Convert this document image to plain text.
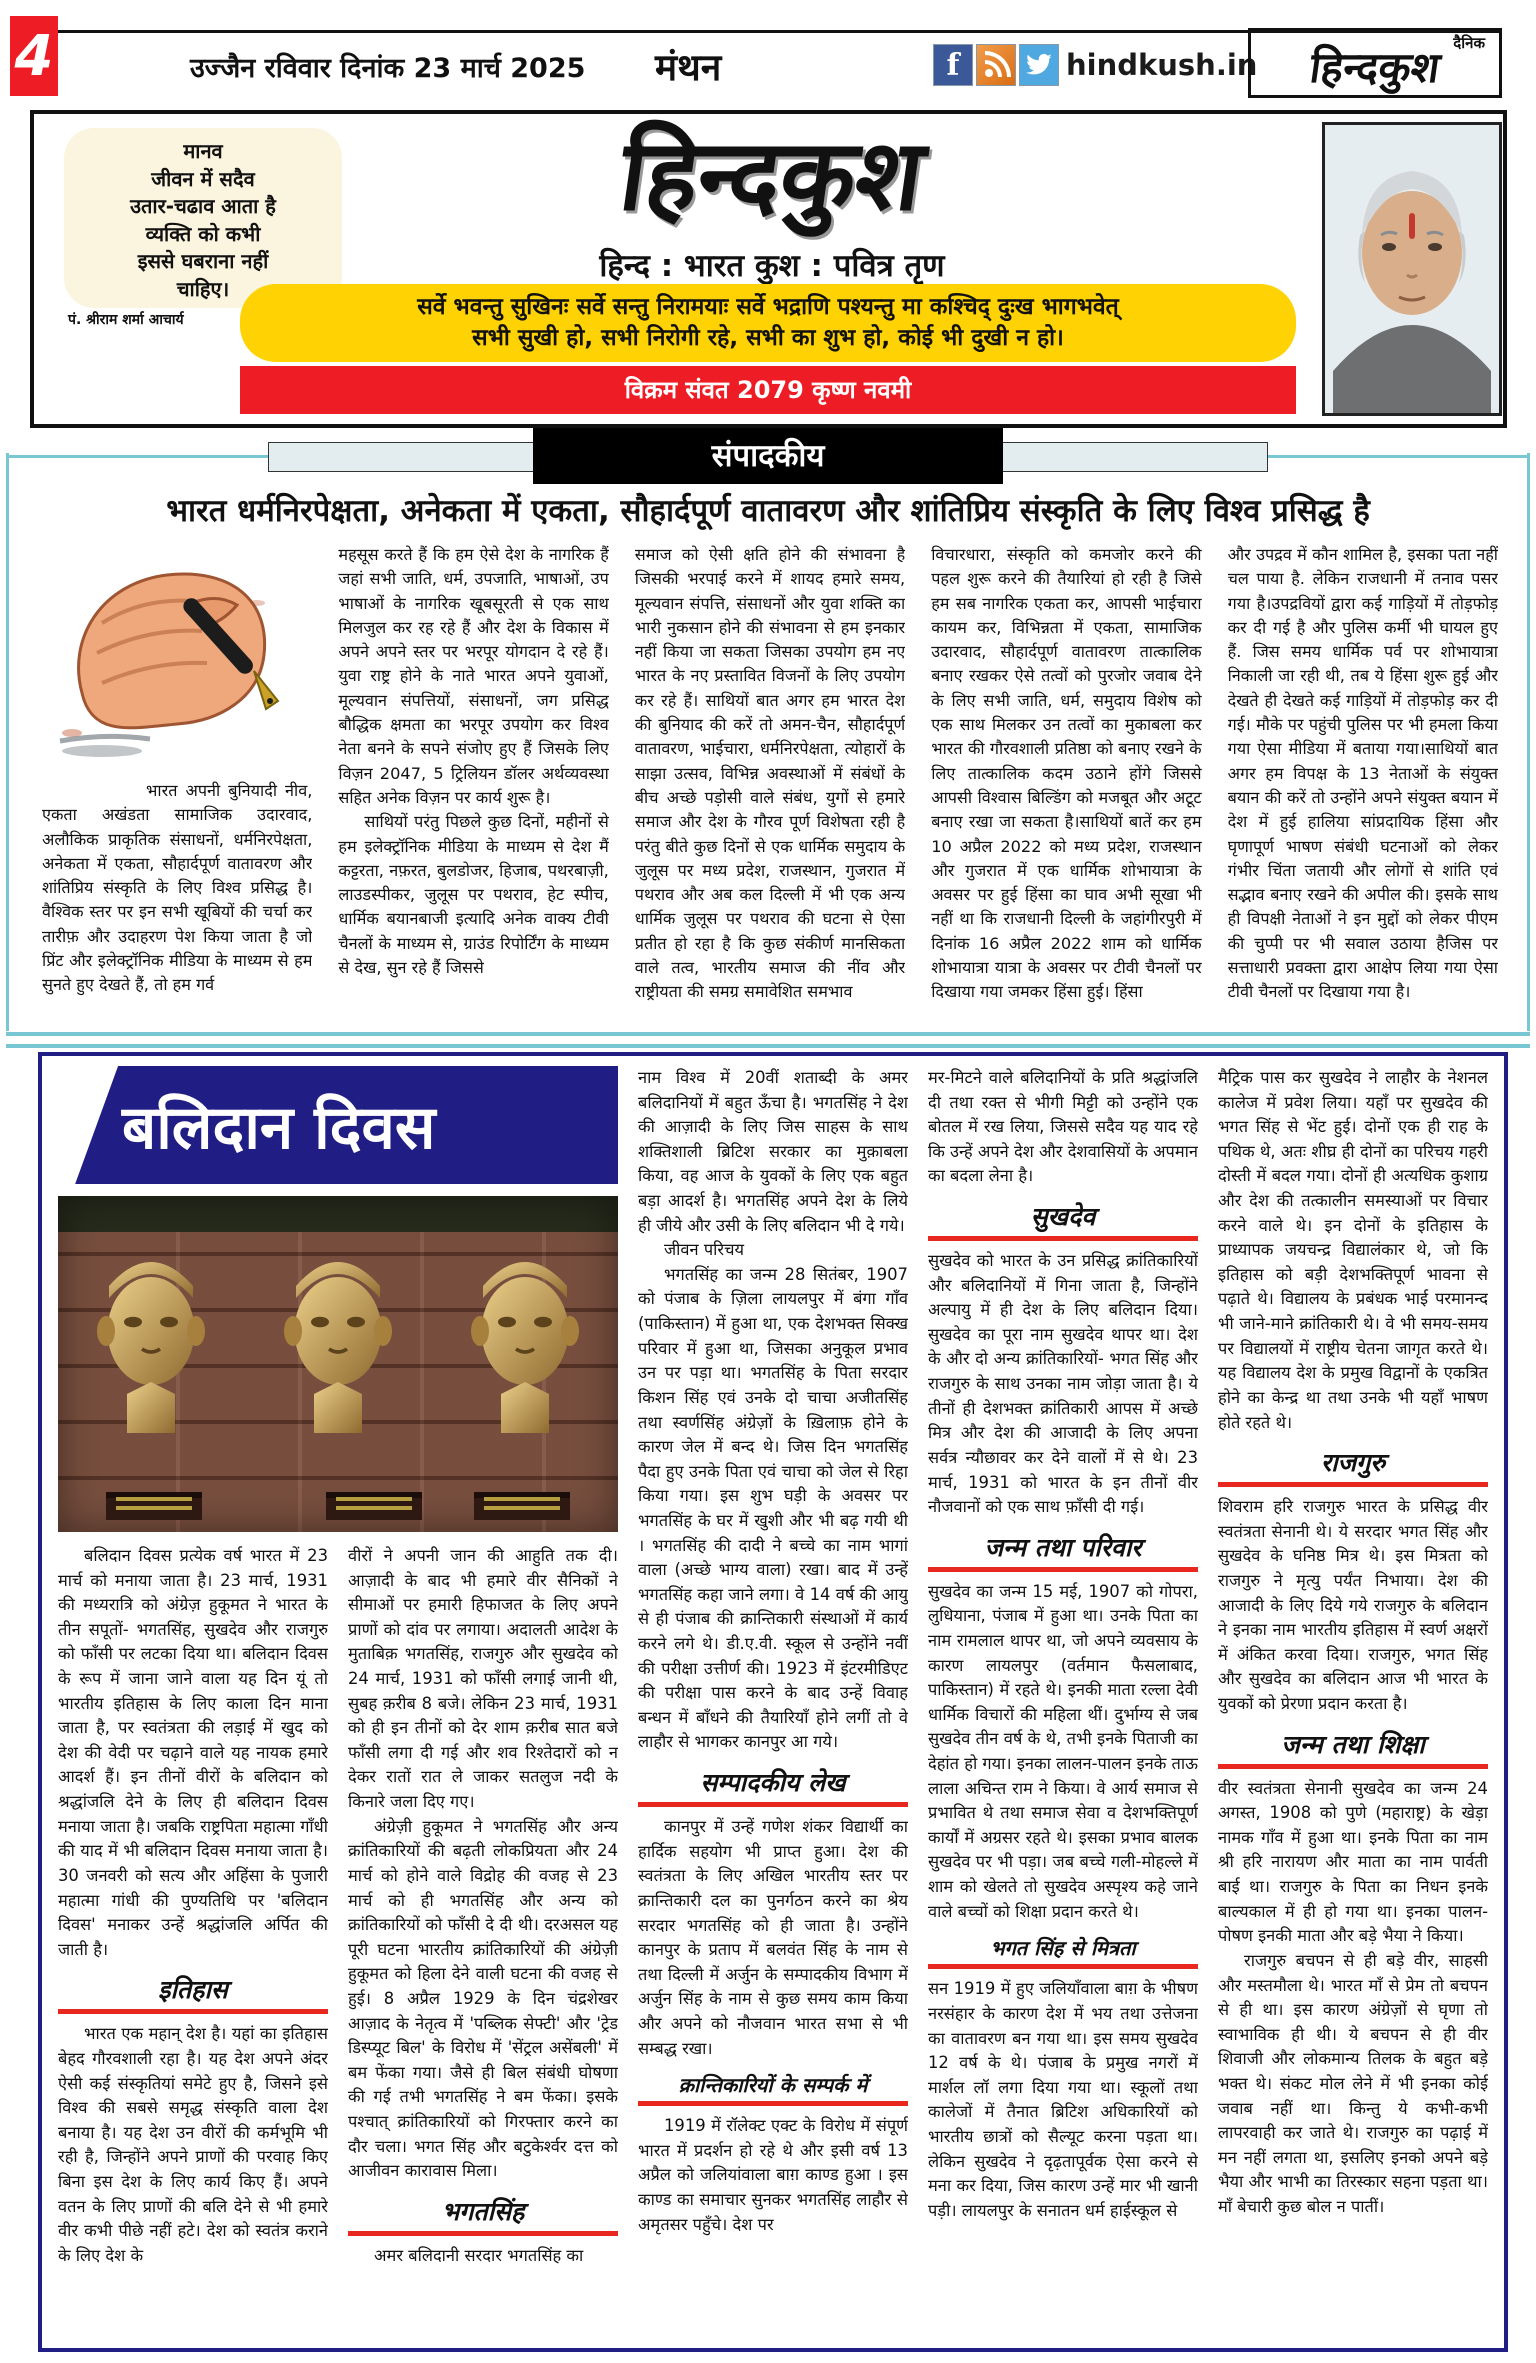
4	उज्जैन रविवार दिनांक 23 मार्च 2025 मंथन	f	hindkush.in
दैनिक
हिन्दकुश
मानव
जीवन में सदैव
उतार-चढाव आता है
व्यक्ति को कभी
इससे घबराना नहीं
चाहिए।
पं. श्रीराम शर्मा आचार्य
हिन्दकुश
हिन्द : भारत कुश : पवित्र तृण
सर्वे भवन्तु सुखिनः सर्वे सन्तु निरामयाः सर्वे भद्राणि पश्यन्तु मा कश्चिद् दुःख भागभवेत्
सभी सुखी हो, सभी निरोगी रहे, सभी का शुभ हो, कोई भी दुखी न हो।
विक्रम संवत 2079 कृष्ण नवमी
संपादकीय
भारत धर्मनिरपेक्षता, अनेकता में एकता, सौहार्दपूर्ण वातावरण और शांतिप्रिय संस्कृति के लिए विश्व प्रसिद्ध है

भारत अपनी बुनियादी नीव, एकता अखंडता सामाजिक उदारवाद, अलौकिक प्राकृतिक संसाधनों, धर्मनिरपेक्षता, अनेकता में एकता, सौहार्दपूर्ण वातावरण और शांतिप्रिय संस्कृति के लिए विश्व प्रसिद्ध है। वैश्विक स्तर पर इन सभी खूबियों की चर्चा कर तारीफ़ और उदाहरण पेश किया जाता है जो प्रिंट और इलेक्ट्रॉनिक मीडिया के माध्यम से हम सुनते हुए देखते हैं, तो हम गर्व

महसूस करते हैं कि हम ऐसे देश के नागरिक हैं जहां सभी जाति, धर्म, उपजाति, भाषाओं, उप भाषाओं के नागरिक खूबसूरती से एक साथ मिलजुल कर रह रहे हैं और देश के विकास में अपने अपने स्तर पर भरपूर योगदान दे रहे हैं। युवा राष्ट्र होने के नाते भारत अपने युवाओं, मूल्यवान संपत्तियों, संसाधनों, जग प्रसिद्ध बौद्धिक क्षमता का भरपूर उपयोग कर विश्व नेता बनने के सपने संजोए हुए हैं जिसके लिए विज़न 2047, 5 ट्रिलियन डॉलर अर्थव्यवस्था सहित अनेक विज़न पर कार्य शुरू है।

साथियों परंतु पिछले कुछ दिनों, महीनों से हम इलेक्ट्रॉनिक मीडिया के माध्यम से देश मैं कट्टरता, नफ़रत, बुलडोजर, हिजाब, पथरबाज़ी, लाउडस्पीकर, जुलूस पर पथराव, हेट स्पीच, धार्मिक बयानबाजी इत्यादि अनेक वाक्य टीवी चैनलों के माध्यम से, ग्राउंड रिपोर्टिंग के माध्यम से देख, सुन रहे हैं जिससे

समाज को ऐसी क्षति होने की संभावना है जिसकी भरपाई करने में शायद हमारे समय, मूल्यवान संपत्ति, संसाधनों और युवा शक्ति का भारी नुकसान होने की संभावना से हम इनकार नहीं किया जा सकता जिसका उपयोग हम नए भारत के नए प्रस्तावित विजनों के लिए उपयोग कर रहे हैं। साथियों बात अगर हम भारत देश की बुनियाद की करें तो अमन-चैन, सौहार्दपूर्ण वातावरण, भाईचारा, धर्मनिरपेक्षता, त्योहारों के साझा उत्सव, विभिन्न अवस्थाओं में संबंधों के बीच अच्छे पड़ोसी वाले संबंध, युगों से हमारे समाज और देश के गौरव पूर्ण विशेषता रही है परंतु बीते कुछ दिनों से एक धार्मिक समुदाय के जुलूस पर मध्य प्रदेश, राजस्थान, गुजरात में पथराव और अब कल दिल्ली में भी एक अन्य धार्मिक जुलूस पर पथराव की घटना से ऐसा प्रतीत हो रहा है कि कुछ संकीर्ण मानसिकता वाले तत्व, भारतीय समाज की नींव और राष्ट्रीयता की समग्र समावेशित समभाव

विचारधारा, संस्कृति को कमजोर करने की पहल शुरू करने की तैयारियां हो रही है जिसे हम सब नागरिक एकता कर, आपसी भाईचारा कायम कर, विभिन्नता में एकता, सामाजिक उदारवाद, सौहार्दपूर्ण वातावरण तात्कालिक बनाए रखकर ऐसे तत्वों को पुरजोर जवाब देने के लिए सभी जाति, धर्म, समुदाय विशेष को एक साथ मिलकर उन तत्वों का मुकाबला कर भारत की गौरवशाली प्रतिष्ठा को बनाए रखने के लिए तात्कालिक कदम उठाने होंगे जिससे आपसी विश्वास बिल्डिंग को मजबूत और अटूट बनाए रखा जा सकता है।साथियों बातें कर हम 10 अप्रैल 2022 को मध्य प्रदेश, राजस्थान और गुजरात में एक धार्मिक शोभायात्रा के अवसर पर हुई हिंसा का घाव अभी सूखा भी नहीं था कि राजधानी दिल्ली के जहांगीरपुरी में दिनांक 16 अप्रैल 2022 शाम को धार्मिक शोभायात्रा यात्रा के अवसर पर टीवी चैनलों पर दिखाया गया जमकर हिंसा हुई। हिंसा

और उपद्रव में कौन शामिल है, इसका पता नहीं चल पाया है. लेकिन राजधानी में तनाव पसर गया है।उपद्रवियों द्वारा कई गाड़ियों में तोड़फोड़ कर दी गई है और पुलिस कर्मी भी घायल हुए हैं. जिस समय धार्मिक पर्व पर शोभायात्रा निकाली जा रही थी, तब ये हिंसा शुरू हुई और देखते ही देखते कई गाड़ियों में तोड़फोड़ कर दी गई। मौके पर पहुंची पुलिस पर भी हमला किया गया ऐसा मीडिया में बताया गया।साथियों बात अगर हम विपक्ष के 13 नेताओं के संयुक्त बयान की करें तो उन्होंने अपने संयुक्त बयान में देश में हुई हालिया सांप्रदायिक हिंसा और घृणापूर्ण भाषण संबंधी घटनाओं को लेकर गंभीर चिंता जतायी और लोगों से शांति एवं सद्भाव बनाए रखने की अपील की। इसके साथ ही विपक्षी नेताओं ने इन मुद्दों को लेकर पीएम की चुप्पी पर भी सवाल उठाया हैजिस पर सत्ताधारी प्रवक्ता द्वारा आक्षेप लिया गया ऐसा टीवी चैनलों पर दिखाया गया है।

बलिदान दिवस

बलिदान दिवस प्रत्येक वर्ष भारत में 23 मार्च को मनाया जाता है। 23 मार्च, 1931 की मध्यरात्रि को अंग्रेज़ हुकूमत ने भारत के तीन सपूतों- भगतसिंह, सुखदेव और राजगुरु को फाँसी पर लटका दिया था। बलिदान दिवस के रूप में जाना जाने वाला यह दिन यूं तो भारतीय इतिहास के लिए काला दिन माना जाता है, पर स्वतंत्रता की लड़ाई में खुद को देश की वेदी पर चढ़ाने वाले यह नायक हमारे आदर्श हैं। इन तीनों वीरों के बलिदान को श्रद्धांजलि देने के लिए ही बलिदान दिवस मनाया जाता है। जबकि राष्ट्रपिता महात्मा गाँधी की याद में भी बलिदान दिवस मनाया जाता है। 30 जनवरी को सत्य और अहिंसा के पुजारी महात्मा गांधी की पुण्यतिथि पर 'बलिदान दिवस' मनाकर उन्हें श्रद्धांजलि अर्पित की जाती है।

इतिहास

भारत एक महान् देश है। यहां का इतिहास बेहद गौरवशाली रहा है। यह देश अपने अंदर ऐसी कई संस्कृतियां समेटे हुए है, जिसने इसे विश्व की सबसे समृद्ध संस्कृति वाला देश बनाया है। यह देश उन वीरों की कर्मभूमि भी रही है, जिन्होंने अपने प्राणों की परवाह किए बिना इस देश के लिए कार्य किए हैं। अपने वतन के लिए प्राणों की बलि देने से भी हमारे वीर कभी पीछे नहीं हटे। देश को स्वतंत्र कराने के लिए देश के

वीरों ने अपनी जान की आहुति तक दी। आज़ादी के बाद भी हमारे वीर सैनिकों ने सीमाओं पर हमारी हिफाजत के लिए अपने प्राणों को दांव पर लगाया। अदालती आदेश के मुताबिक़ भगतसिंह, राजगुरु और सुखदेव को 24 मार्च, 1931 को फाँसी लगाई जानी थी, सुबह क़रीब 8 बजे। लेकिन 23 मार्च, 1931 को ही इन तीनों को देर शाम क़रीब सात बजे फाँसी लगा दी गई और शव रिश्तेदारों को न देकर रातों रात ले जाकर सतलुज नदी के किनारे जला दिए गए।

अंग्रेज़ी हुकूमत ने भगतसिंह और अन्य क्रांतिकारियों की बढ़ती लोकप्रियता और 24 मार्च को होने वाले विद्रोह की वजह से 23 मार्च को ही भगतसिंह और अन्य को क्रांतिकारियों को फाँसी दे दी थी। दरअसल यह पूरी घटना भारतीय क्रांतिकारियों की अंग्रेज़ी हुकूमत को हिला देने वाली घटना की वजह से हुई। 8 अप्रैल 1929 के दिन चंद्रशेखर आज़ाद के नेतृत्व में 'पब्लिक सेफ्टी' और 'ट्रेड डिस्प्यूट बिल' के विरोध में 'सेंट्रल असेंबली' में बम फेंका गया। जैसे ही बिल संबंधी घोषणा की गई तभी भगतसिंह ने बम फेंका। इसके पश्चात् क्रांतिकारियों को गिरफ्तार करने का दौर चला। भगत सिंह और बटुकेर्श्वर दत्त को आजीवन कारावास मिला।

भगतसिंह

अमर बलिदानी सरदार भगतसिंह का

नाम विश्व में 20वीं शताब्दी के अमर बलिदानियों में बहुत ऊँचा है। भगतसिंह ने देश की आज़ादी के लिए जिस साहस के साथ शक्तिशाली ब्रिटिश सरकार का मुक़ाबला किया, वह आज के युवकों के लिए एक बहुत बड़ा आदर्श है। भगतसिंह अपने देश के लिये ही जीये और उसी के लिए बलिदान भी दे गये।

जीवन परिचय

भगतसिंह का जन्म 28 सितंबर, 1907 को पंजाब के ज़िला लायलपुर में बंगा गाँव (पाकिस्तान) में हुआ था, एक देशभक्त सिक्ख परिवार में हुआ था, जिसका अनुकूल प्रभाव उन पर पड़ा था। भगतसिंह के पिता सरदार किशन सिंह एवं उनके दो चाचा अजीतसिंह तथा स्वर्णसिंह अंग्रेज़ों के ख़िलाफ़ होने के कारण जेल में बन्द थे। जिस दिन भगतसिंह पैदा हुए उनके पिता एवं चाचा को जेल से रिहा किया गया। इस शुभ घड़ी के अवसर पर भगतसिंह के घर में खुशी और भी बढ़ गयी थी । भगतसिंह की दादी ने बच्चे का नाम भागां वाला (अच्छे भाग्य वाला) रखा। बाद में उन्हें भगतसिंह कहा जाने लगा। वे 14 वर्ष की आयु से ही पंजाब की क्रान्तिकारी संस्थाओं में कार्य करने लगे थे। डी.ए.वी. स्कूल से उन्होंने नवीं की परीक्षा उत्तीर्ण की। 1923 में इंटरमीडिएट की परीक्षा पास करने के बाद उन्हें विवाह बन्धन में बाँधने की तैयारियाँ होने लगीं तो वे लाहौर से भागकर कानपुर आ गये।

सम्पादकीय लेख

कानपुर में उन्हें गणेश शंकर विद्यार्थी का हार्दिक सहयोग भी प्राप्त हुआ। देश की स्वतंत्रता के लिए अखिल भारतीय स्तर पर क्रान्तिकारी दल का पुनर्गठन करने का श्रेय सरदार भगतसिंह को ही जाता है। उन्होंने कानपुर के प्रताप में बलवंत सिंह के नाम से तथा दिल्ली में अर्जुन के सम्पादकीय विभाग में अर्जुन सिंह के नाम से कुछ समय काम किया और अपने को नौजवान भारत सभा से भी सम्बद्ध रखा।

क्रान्तिकारियों के सम्पर्क में

1919 में रॉलेक्ट एक्ट के विरोध में संपूर्ण भारत में प्रदर्शन हो रहे थे और इसी वर्ष 13 अप्रैल को जलियांवाला बाग़ काण्ड हुआ । इस काण्ड का समाचार सुनकर भगतसिंह लाहौर से अमृतसर पहुँचे। देश पर

मर-मिटने वाले बलिदानियों के प्रति श्रद्धांजलि दी तथा रक्त से भीगी मिट्टी को उन्होंने एक बोतल में रख लिया, जिससे सदैव यह याद रहे कि उन्हें अपने देश और देशवासियों के अपमान का बदला लेना है।

सुखदेव

सुखदेव को भारत के उन प्रसिद्ध क्रांतिकारियों और बलिदानियों में गिना जाता है, जिन्होंने अल्पायु में ही देश के लिए बलिदान दिया। सुखदेव का पूरा नाम सुखदेव थापर था। देश के और दो अन्य क्रांतिकारियों- भगत सिंह और राजगुरु के साथ उनका नाम जोड़ा जाता है। ये तीनों ही देशभक्त क्रांतिकारी आपस में अच्छे मित्र और देश की आजादी के लिए अपना सर्वत्र न्यौछावर कर देने वालों में से थे। 23 मार्च, 1931 को भारत के इन तीनों वीर नौजवानों को एक साथ फ़ाँसी दी गई।

जन्म तथा परिवार

सुखदेव का जन्म 15 मई, 1907 को गोपरा, लुधियाना, पंजाब में हुआ था। उनके पिता का नाम रामलाल थापर था, जो अपने व्यवसाय के कारण लायलपुर (वर्तमान फैसलाबाद, पाकिस्तान) में रहते थे। इनकी माता रल्ला देवी धार्मिक विचारों की महिला थीं। दुर्भाग्य से जब सुखदेव तीन वर्ष के थे, तभी इनके पिताजी का देहांत हो गया। इनका लालन-पालन इनके ताऊ लाला अचिन्त राम ने किया। वे आर्य समाज से प्रभावित थे तथा समाज सेवा व देशभक्तिपूर्ण कार्यों में अग्रसर रहते थे। इसका प्रभाव बालक सुखदेव पर भी पड़ा। जब बच्चे गली-मोहल्ले में शाम को खेलते तो सुखदेव अस्पृश्य कहे जाने वाले बच्चों को शिक्षा प्रदान करते थे।

भगत सिंह से मित्रता

सन 1919 में हुए जलियाँवाला बाग़ के भीषण नरसंहार के कारण देश में भय तथा उत्तेजना का वातावरण बन गया था। इस समय सुखदेव 12 वर्ष के थे। पंजाब के प्रमुख नगरों में मार्शल लॉ लगा दिया गया था। स्कूलों तथा कालेजों में तैनात ब्रिटिश अधिकारियों को भारतीय छात्रों को सैल्यूट करना पड़ता था। लेकिन सुखदेव ने दृढ़तापूर्वक ऐसा करने से मना कर दिया, जिस कारण उन्हें मार भी खानी पड़ी। लायलपुर के सनातन धर्म हाईस्कूल से

मैट्रिक पास कर सुखदेव ने लाहौर के नेशनल कालेज में प्रवेश लिया। यहाँ पर सुखदेव की भगत सिंह से भेंट हुई। दोनों एक ही राह के पथिक थे, अतः शीघ्र ही दोनों का परिचय गहरी दोस्ती में बदल गया। दोनों ही अत्यधिक कुशाग्र और देश की तत्कालीन समस्याओं पर विचार करने वाले थे। इन दोनों के इतिहास के प्राध्यापक जयचन्द्र विद्यालंकार थे, जो कि इतिहास को बड़ी देशभक्तिपूर्ण भावना से पढ़ाते थे। विद्यालय के प्रबंधक भाई परमानन्द भी जाने-माने क्रांतिकारी थे। वे भी समय-समय पर विद्यालयों में राष्ट्रीय चेतना जागृत करते थे। यह विद्यालय देश के प्रमुख विद्वानों के एकत्रित होने का केन्द्र था तथा उनके भी यहाँ भाषण होते रहते थे।

राजगुरु

शिवराम हरि राजगुरु भारत के प्रसिद्ध वीर स्वतंत्रता सेनानी थे। ये सरदार भगत सिंह और सुखदेव के घनिष्ठ मित्र थे। इस मित्रता को राजगुरु ने मृत्यु पर्यंत निभाया। देश की आजादी के लिए दिये गये राजगुरु के बलिदान ने इनका नाम भारतीय इतिहास में स्वर्ण अक्षरों में अंकित करवा दिया। राजगुरु, भगत सिंह और सुखदेव का बलिदान आज भी भारत के युवकों को प्रेरणा प्रदान करता है।

जन्म तथा शिक्षा

वीर स्वतंत्रता सेनानी सुखदेव का जन्म 24 अगस्त, 1908 को पुणे (महाराष्ट्र) के खेड़ा नामक गाँव में हुआ था। इनके पिता का नाम श्री हरि नारायण और माता का नाम पार्वती बाई था। राजगुरु के पिता का निधन इनके बाल्यकाल में ही हो गया था। इनका पालन-पोषण इनकी माता और बड़े भैया ने किया।

राजगुरु बचपन से ही बड़े वीर, साहसी और मस्तमौला थे। भारत माँ से प्रेम तो बचपन से ही था। इस कारण अंग्रेज़ों से घृणा तो स्वाभाविक ही थी। ये बचपन से ही वीर शिवाजी और लोकमान्य तिलक के बहुत बड़े भक्त थे। संकट मोल लेने में भी इनका कोई जवाब नहीं था। किन्तु ये कभी-कभी लापरवाही कर जाते थे। राजगुरु का पढ़ाई में मन नहीं लगता था, इसलिए इनको अपने बड़े भैया और भाभी का तिरस्कार सहना पड़ता था। माँ बेचारी कुछ बोल न पातीं।
